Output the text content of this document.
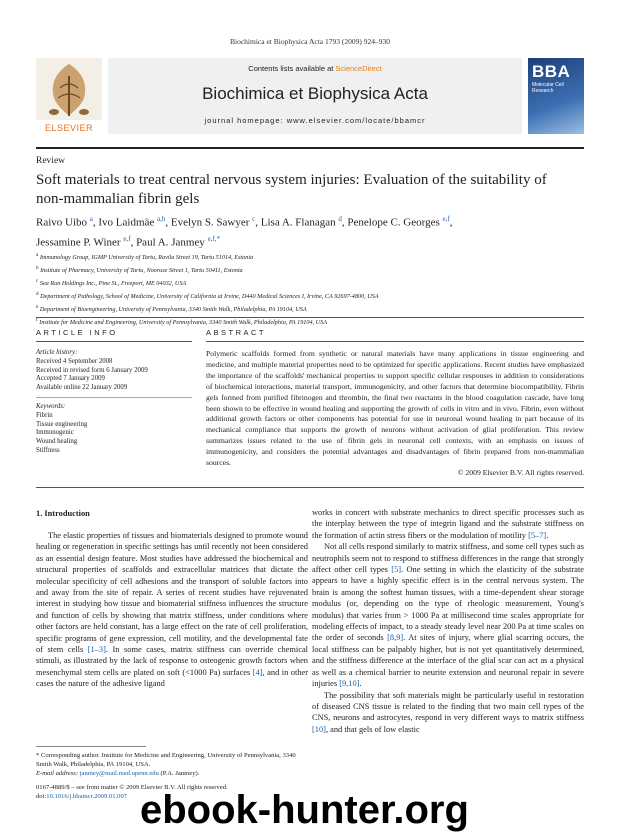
Biochimica et Biophysica Acta 1793 (2009) 924–930
ELSEVIER
Contents lists available at ScienceDirect
Biochimica et Biophysica Acta
journal homepage: www.elsevier.com/locate/bbamcr
BBA
Molecular Cell Research
Review
Soft materials to treat central nervous system injuries: Evaluation of the suitability of
non-mammalian fibrin gels
Raivo Uibo $^a$, Ivo Laidmäe $^{a,b}$, Evelyn S. Sawyer $^c$, Lisa A. Flanagan $^d$, Penelope C. Georges $^{e,f}$,
Jessamine P. Winer $^{e,f}$, Paul A. Janmey $^{e,f,*}$
$^a$ Immunology Group, IGMP University of Tartu, Ravila Street 19, Tartu 51014, Estonia
$^b$ Institute of Pharmacy, University of Tartu, Nooruse Street 1, Tartu 50411, Estonia
$^c$ Sea Run Holdings Inc., Pine St., Freeport, ME 04032, USA
$^d$ Department of Pathology, School of Medicine, University of California at Irvine, D440 Medical Sciences I, Irvine, CA 92697-4800, USA
$^e$ Department of Bioengineering, University of Pennsylvania, 3340 Smith Walk, Philadelphia, PA 19104, USA
$^f$ Institute for Medicine and Engineering, University of Pennsylvania, 3340 Smith Walk, Philadelphia, PA 19104, USA
ARTICLE INFO	ABSTRACT
Article history:
Received 4 September 2008
Received in revised form 6 January 2009
Accepted 7 January 2009
Available online 22 January 2009
Keywords:
Fibrin
Tissue engineering
Immunogenic
Wound healing
Stiffness
Polymeric scaffolds formed from synthetic or natural materials have many applications in tissue engineering and medicine, and multiple material properties need to be optimized for specific applications. Recent studies have emphasized the importance of the scaffolds' mechanical properties to support specific cellular responses in addition to considerations of biochemical interactions, material transport, immunogenicity, and other factors that determine biocompatibility. Fibrin gels formed from purified fibrinogen and thrombin, the final two reactants in the blood coagulation cascade, have long been shown to be effective in wound healing and supporting the growth of cells in vitro and in vivo. Fibrin, even without additional growth factors or other components has potential for use in neuronal wound healing in part because of its mechanical compliance that supports the growth of neurons without activation of glial proliferation. This review summarizes issues related to the use of fibrin gels in neuronal cell contexts, with an emphasis on issues of immunogenicity, and considers the potential advantages and disadvantages of fibrin prepared from non-mammalian sources.
© 2009 Elsevier B.V. All rights reserved.
1. Introduction

The elastic properties of tissues and biomaterials designed to promote wound healing or regeneration in specific settings has until recently not been considered as an essential design feature. Most studies have addressed the biochemical and structural properties of scaffolds and extracellular matrices that dictate the molecular specificity of cell adhesions and the transport of soluble factors into and away from the site of repair. A series of recent studies have rejuvenated interest in studying how tissue and biomaterial stiffness influences the structure and function of cells by showing that matrix stiffness, under conditions where other factors are held constant, has a large effect on the rate of cell proliferation, specific programs of gene expression, cell motility, and the developmental fate of stem cells [1–3]. In some cases, matrix stiffness can override chemical stimuli, as illustrated by the lack of response to osteogenic growth factors when mesenchymal stem cells are plated on soft (<1000 Pa) surfaces [4], and in other cases the nature of the adhesive ligand

works in concert with substrate mechanics to direct specific processes such as the interplay between the type of integrin ligand and the substrate stiffness on the formation of actin stress fibers or the modulation of motility [5–7].

Not all cells respond similarly to matrix stiffness, and some cell types such as neutrophils seem not to respond to stiffness differences in the range that strongly affect other cell types [5]. One setting in which the elasticity of the substrate appears to have a highly specific effect is in the central nervous system. The brain is among the softest human tissues, with a time-dependent shear storage modulus (or, depending on the type of rheologic measurement, Young's modulus) that varies from > 1000 Pa at millisecond time scales appropriate for modeling effects of impact, to a steady steady level near 200 Pa at time scales on the order of seconds [8,9]. At sites of injury, where glial scarring occurs, the local stiffness can be palpably higher, but is not yet quantitatively determined, and the stiffness difference at the interface of the glial scar can act as a physical as well as a chemical barrier to neurite extension and neuronal repair in severe injuries [9,10].

The possibility that soft materials might be particularly useful in restoration of diseased CNS tissue is related to the finding that two main cell types of the CNS, neurons and astrocytes, respond in very different ways to matrix stiffness [10], and that gels of low elastic

* Corresponding author. Institute for Medicine and Engineering, University of Pennsylvania, 3340 Smith Walk, Philadelphia, PA 19104, USA.
E-mail address: janmey@mail.med.upenn.edu (P.A. Janmey).
0167-4889/$ – see front matter © 2009 Elsevier B.V. All rights reserved.
doi:10.1016/j.bbamcr.2009.01.007 ebook-hunter.org
